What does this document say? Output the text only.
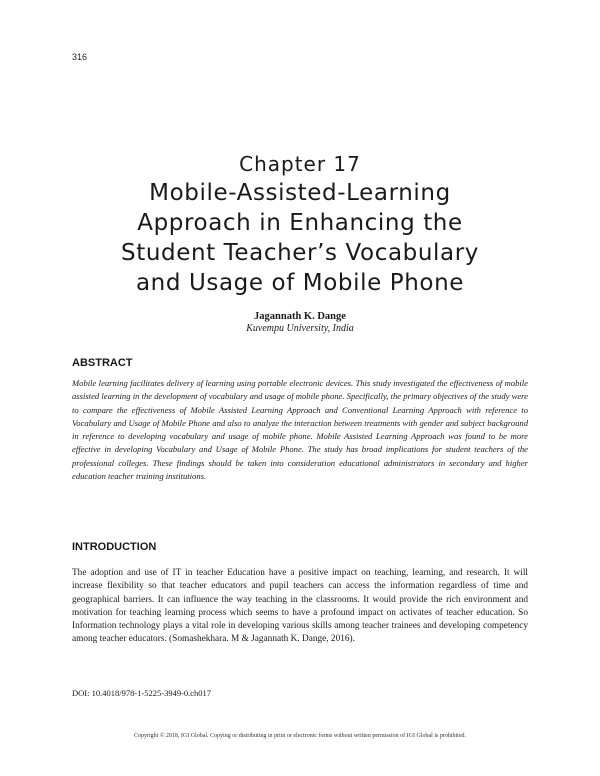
316
Chapter 17
Mobile-Assisted-Learning
Approach in Enhancing the
Student Teacher’s Vocabulary
and Usage of Mobile Phone
Jagannath K. Dange
Kuvempu University, India
ABSTRACT

Mobile learning facilitates delivery of learning using portable electronic devices. This study investigated the effectiveness of mobile assisted learning in the development of vocabulary and usage of mobile phone. Specifically, the primary objectives of the study were to compare the effectiveness of Mobile Assisted Learning Approach and Conventional Learning Approach with reference to Vocabulary and Usage of Mobile Phone and also to analyze the interaction between treatments with gender and subject background in reference to developing vocabulary and usage of mobile phone. Mobile Assisted Learning Approach was found to be more effective in developing Vocabulary and Usage of Mobile Phone. The study has broad implications for student teachers of the professional colleges. These findings should be taken into consideration educational administrators in secondary and higher education teacher training institutions.

INTRODUCTION

The adoption and use of IT in teacher Education have a positive impact on teaching, learning, and research. It will increase flexibility so that teacher educators and pupil teachers can access the information regardless of time and geographical barriers. It can influence the way teaching in the classrooms. It would provide the rich environment and motivation for teaching learning process which seems to have a profound impact on activates of teacher education. So Information technology plays a vital role in developing various skills among teacher trainees and developing competency among teacher educators. (Somashekhara. M & Jagannath K. Dange, 2016).

DOI: 10.4018/978-1-5225-3949-0.ch017
Copyright © 2018, IGI Global. Copying or distributing in print or electronic forms without written permission of IGI Global is prohibited.
